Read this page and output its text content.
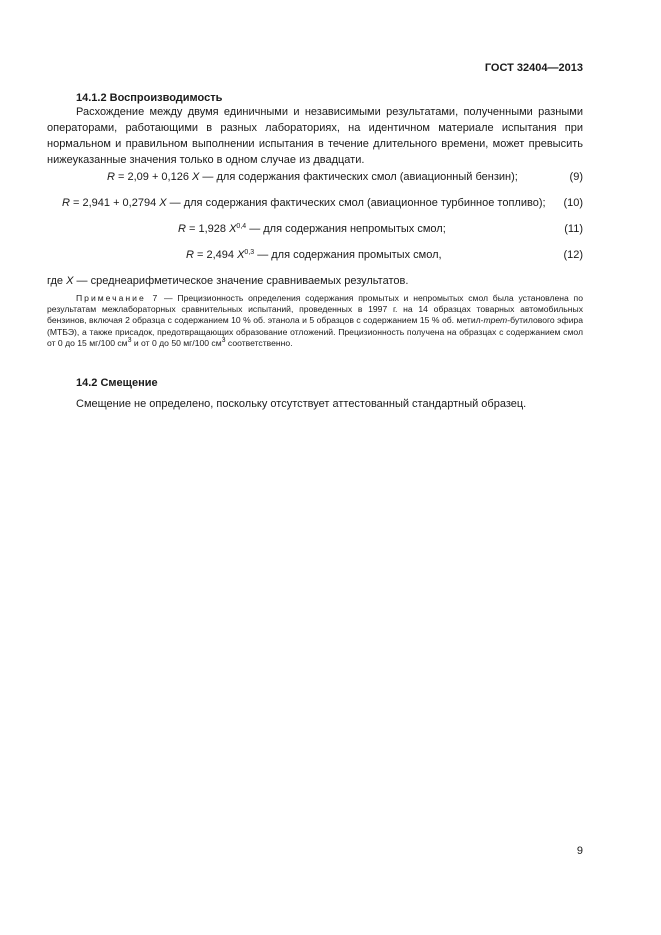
ГОСТ 32404—2013
14.1.2 Воспроизводимость
Расхождение между двумя единичными и независимыми результатами, полученными разными операторами, работающими в разных лабораториях, на идентичном материале испытания при нормальном и правильном выполнении испытания в течение длительного времени, может превысить нижеуказанные значения только в одном случае из двадцати.
R = 2,09 + 0,126 X — для содержания фактических смол (авиационный бензин);	(9)
R = 2,941 + 0,2794 X — для содержания фактических смол (авиационное турбинное топливо); (10)
R = 1,928 X$^{0,4}$ — для содержания непромытых смол;	(11)
R = 2,494 X$^{0,3}$ — для содержания промытых смол,	(12)
где X — среднеарифметическое значение сравниваемых результатов.
Примечание 7 — Прецизионность определения содержания промытых и непромытых смол была установлена по результатам межлабораторных сравнительных испытаний, проведенных в 1997 г. на 14 образцах товарных автомобильных бензинов, включая 2 образца с содержанием 10 % об. этанола и 5 образцов с содержанием 15 % об. метил-трет-бутилового эфира (МТБЭ), а также присадок, предотвращающих образование отложений. Прецизионность получена на образцах с содержанием смол от 0 до 15 мг/100 $см^3$ и от 0 до 50 мг/100 $см^3$ соответственно.
14.2 Смещение
Смещение не определено, поскольку отсутствует аттестованный стандартный образец.
9
